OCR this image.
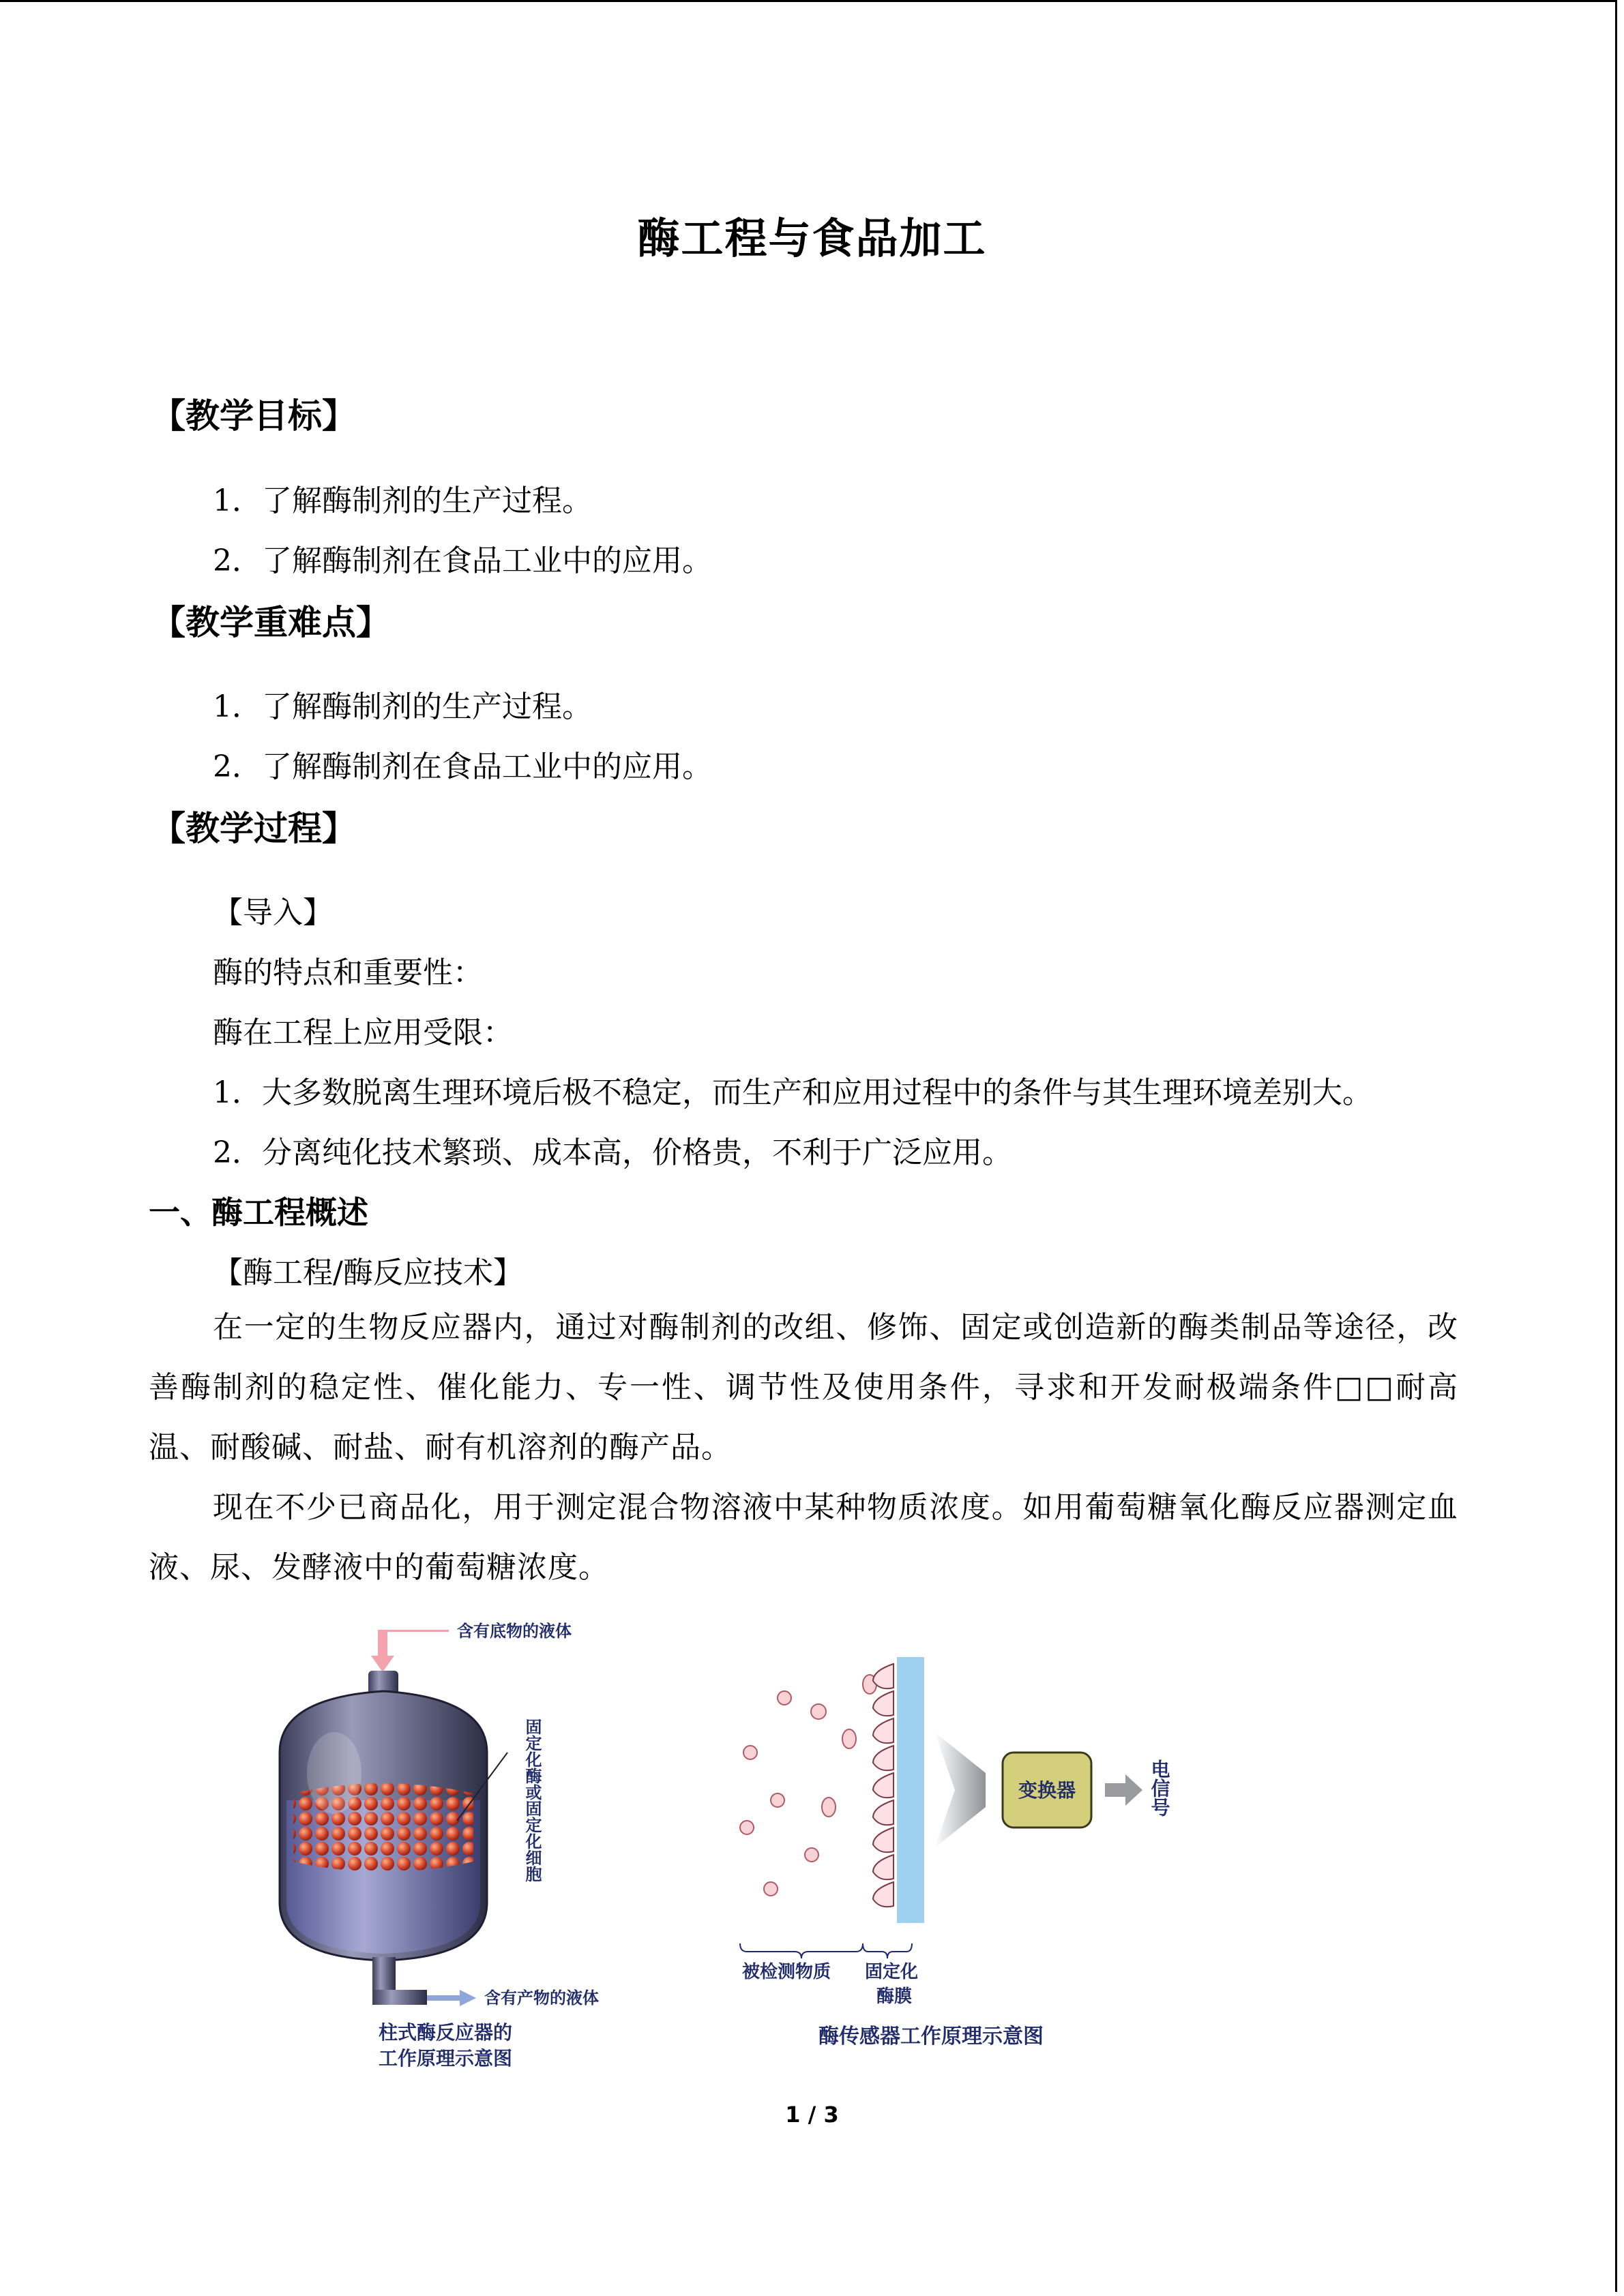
酶工程与食品加工
【教学目标】
1．了解酶制剂的生产过程。
2．了解酶制剂在食品工业中的应用。
【教学重难点】
1．了解酶制剂的生产过程。
2．了解酶制剂在食品工业中的应用。
【教学过程】
【导入】
酶的特点和重要性：
酶在工程上应用受限：
1．大多数脱离生理环境后极不稳定，而生产和应用过程中的条件与其生理环境差别大。
2．分离纯化技术繁琐、成本高，价格贵，不利于广泛应用。
一、酶工程概述
【酶工程/酶反应技术】
在一定的生物反应器内，通过对酶制剂的改组、修饰、固定或创造新的酶类制品等途径，改善酶制剂的稳定性、催化能力、专一性、调节性及使用条件，寻求和开发耐极端条件□□耐高温、耐酸碱、耐盐、耐有机溶剂的酶产品。
现在不少已商品化，用于测定混合物溶液中某种物质浓度。如用葡萄糖氧化酶反应器测定血液、尿、发酵液中的葡萄糖浓度。
含有底物的液体
含有产物的液体
固定化酶或固定化细胞
柱式酶反应器的
工作原理示意图
变换器	电信号
被检测物质 固定化
酶膜
酶传感器工作原理示意图
1 / 3
